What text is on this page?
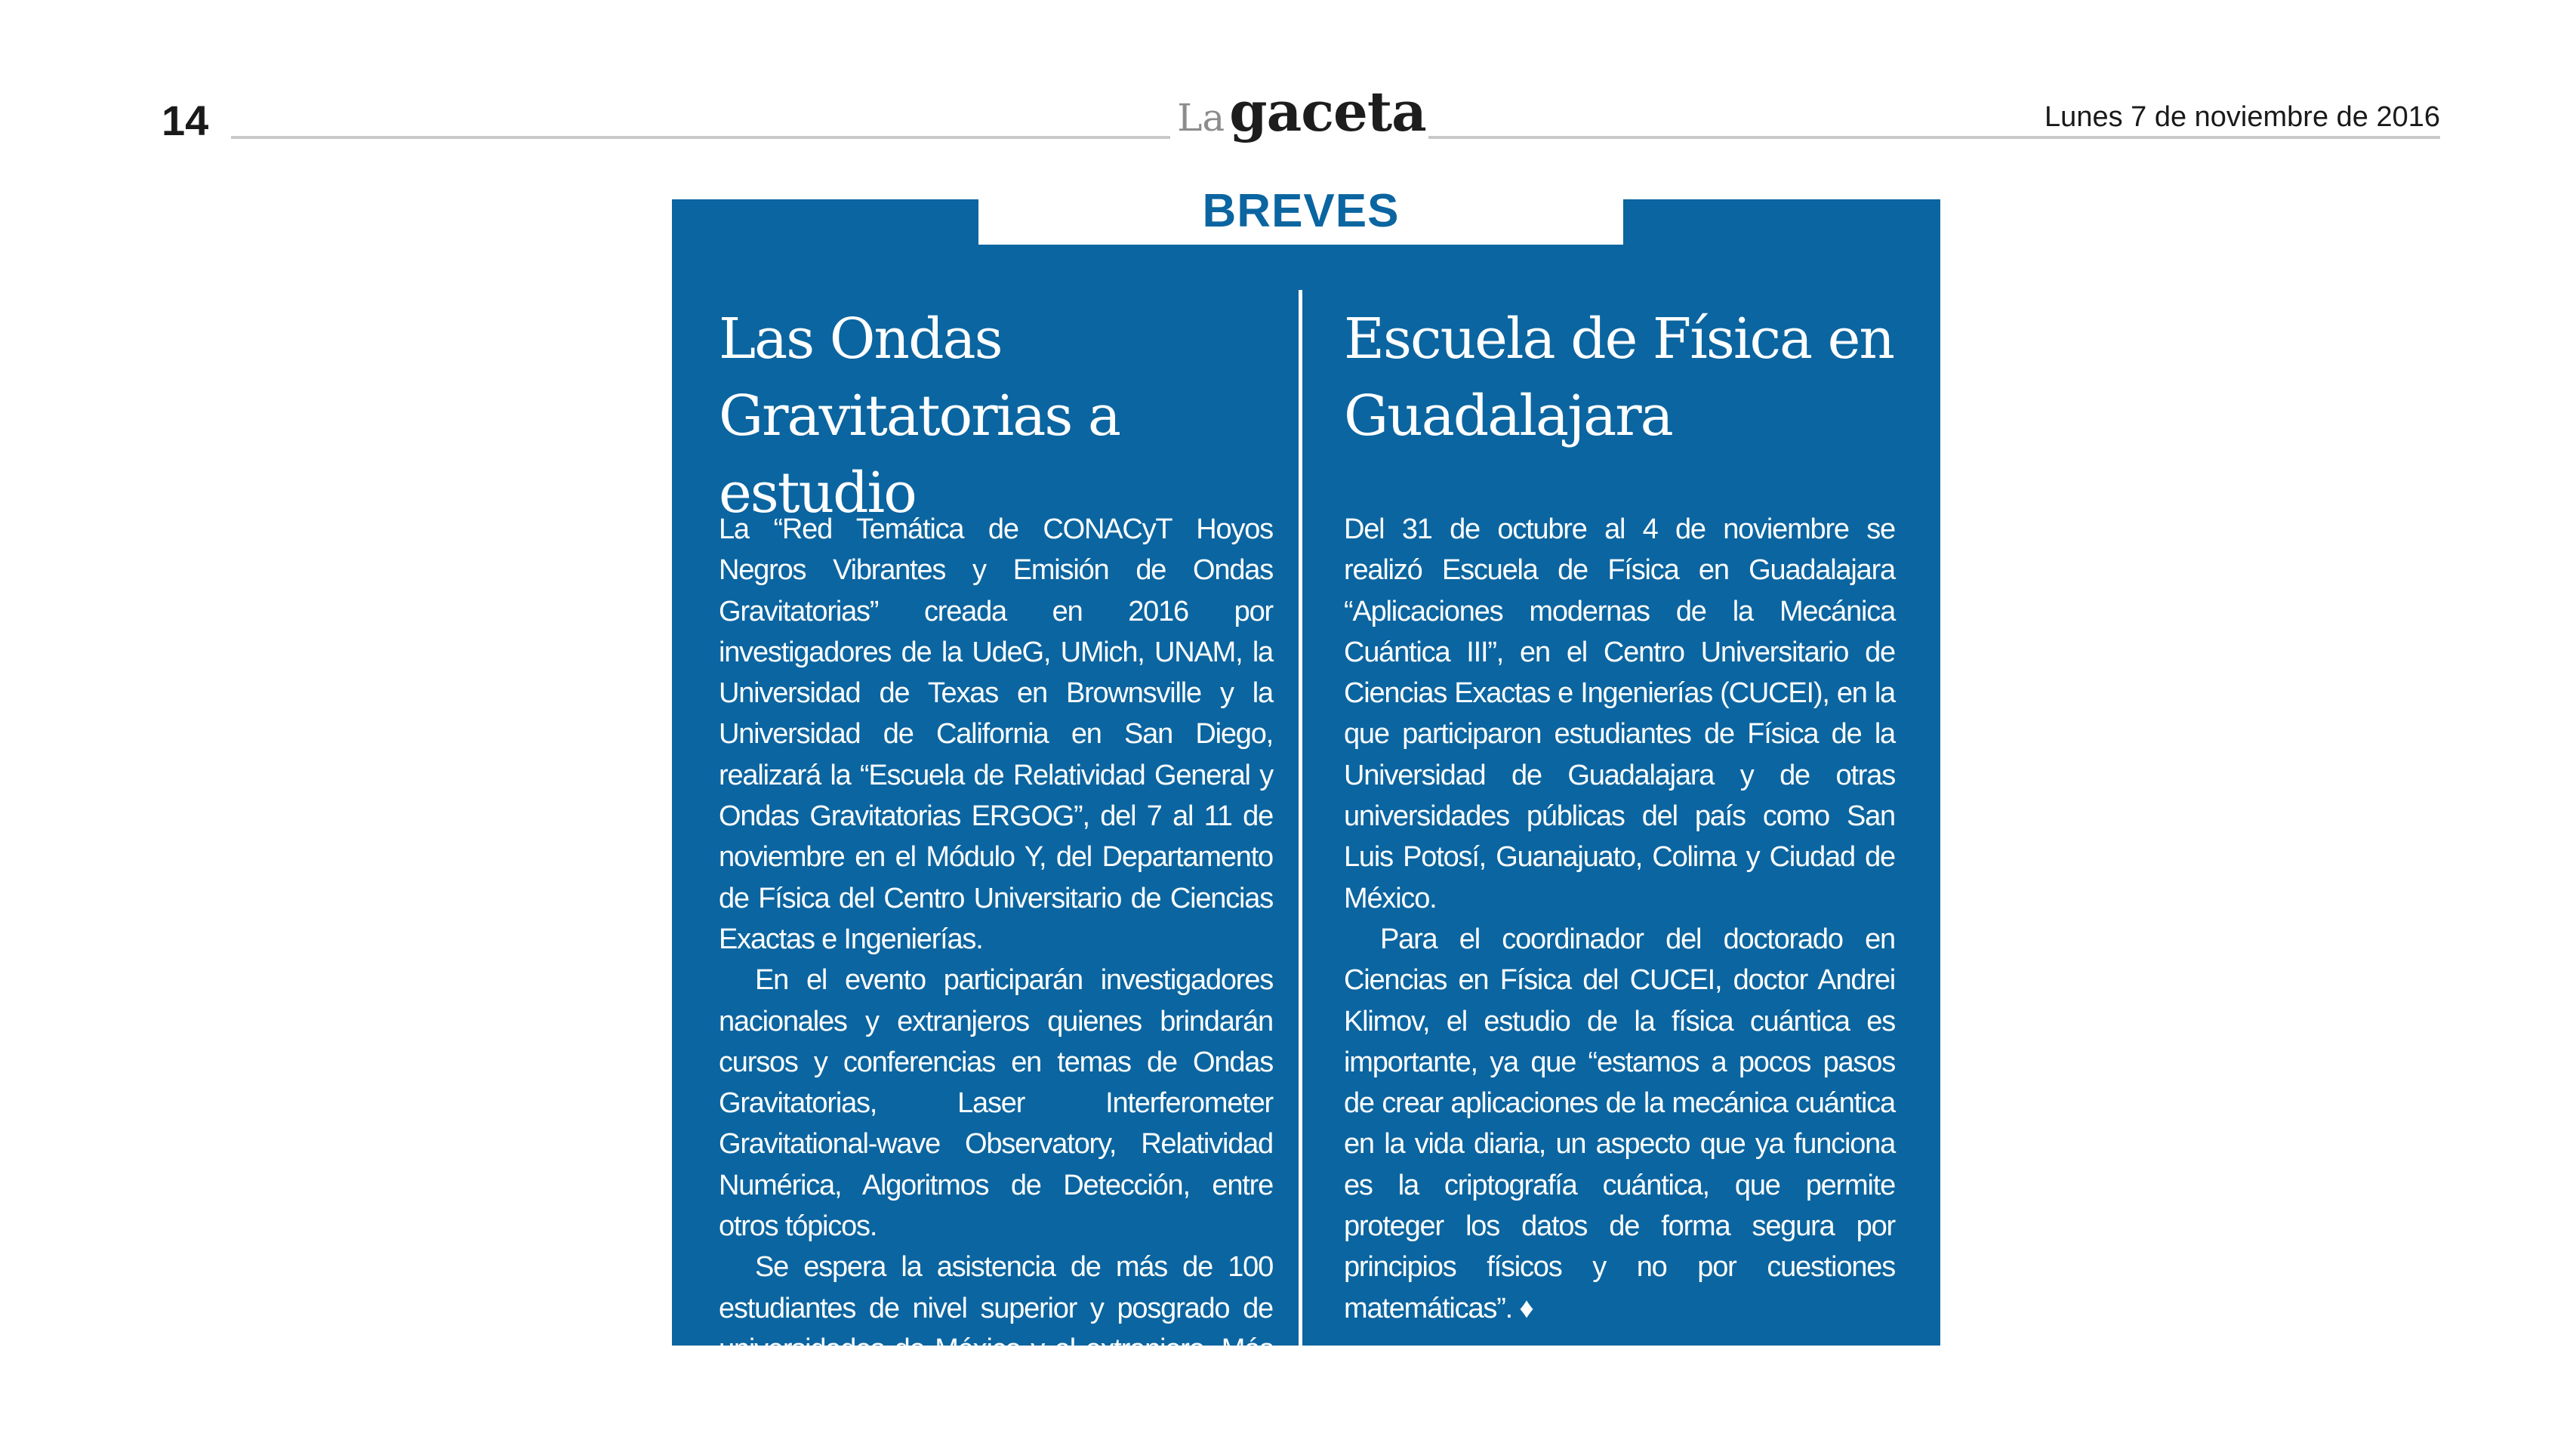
14	Lagaceta	Lunes 7 de noviembre de 2016
BREVES
Las Ondas Gravitatorias a estudio

La “Red Temática de CONACyT Hoyos Negros Vibrantes y Emisión de Ondas Gravitatorias” creada en 2016 por investigadores de la UdeG, UMich, UNAM, la Universidad de Texas en Brownsville y la Universidad de California en San Diego, realizará la “Escuela de Relatividad General y Ondas Gravitatorias ERGOG”, del 7 al 11 de noviembre en el Módulo Y, del Departamento de Física del Centro Universitario de Ciencias Exactas e Ingenierías.

En el evento participarán investigadores nacionales y extranjeros quienes brindarán cursos y conferencias en temas de Ondas Gravitatorias, Laser Interferometer Gravitational-wave Observatory, Relatividad Numérica, Algoritmos de Detección, entre otros tópicos.

Se espera la asistencia de más de 100 estudiantes de nivel superior y posgrado de universidades de México y el extranjero. Más información en http://ergog2016.wixsite.com/ergog. ♦

Escuela de Física en Guadalajara

Del 31 de octubre al 4 de noviembre se realizó Escuela de Física en Guadalajara “Aplicaciones modernas de la Mecánica Cuántica III”, en el Centro Universitario de Ciencias Exactas e Ingenierías (CUCEI), en la que participaron estudiantes de Física de la Universidad de Guadalajara y de otras universidades públicas del país como San Luis Potosí, Guanajuato, Colima y Ciudad de México.

Para el coordinador del doctorado en Ciencias en Física del CUCEI, doctor Andrei Klimov, el estudio de la física cuántica es importante, ya que “estamos a pocos pasos de crear aplicaciones de la mecánica cuántica en la vida diaria, un aspecto que ya funciona es la criptografía cuántica, que permite proteger los datos de forma segura por principios físicos y no por cuestiones matemáticas”. ♦
